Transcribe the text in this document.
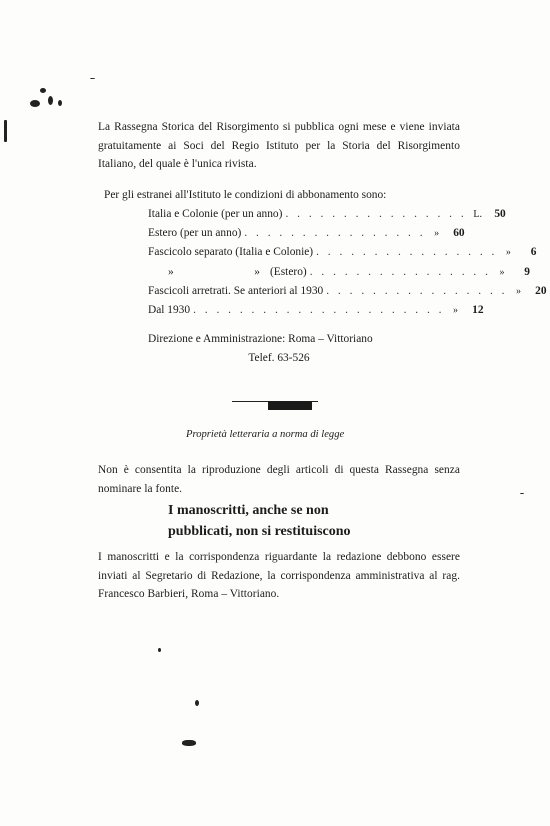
La Rassegna Storica del Risorgimento si pubblica ogni mese e viene inviata gratuitamente ai Soci del Regio Istituto per la Storia del Risorgimento Italiano, del quale è l'unica rivista.

Per gli estranei all'Istituto le condizioni di abbonamento sono:
Italia e Colonie (per un anno) . . . . . . . . . . . . . . . . L.	50
Estero (per un anno) . . . . . . . . . . . . . . . . »	60
Fascicolo separato (Italia e Colonie) . . . . . . . . . . . . . . . . »	6
»	» (Estero) . . . . . . . . . . . . . . . . »	9
Fascicoli arretrati. Se anteriori al 1930 . . . . . . . . . . . . . . . . »	20
Dal 1930 . . . . . . . . . . . . . . . . . . . . . . »	12
Direzione e Amministrazione: Roma – Vittoriano
Telef. 63-526
Proprietà letteraria a norma di legge

Non è consentita la riproduzione degli articoli di questa Rassegna senza nominare la fonte.

I manoscritti, anche se non
pubblicati, non si restituiscono

I manoscritti e la corrispondenza riguardante la redazione debbono essere inviati al Segretario di Redazione, la corrispondenza amministrativa al rag. Francesco Barbieri, Roma – Vittoriano.
